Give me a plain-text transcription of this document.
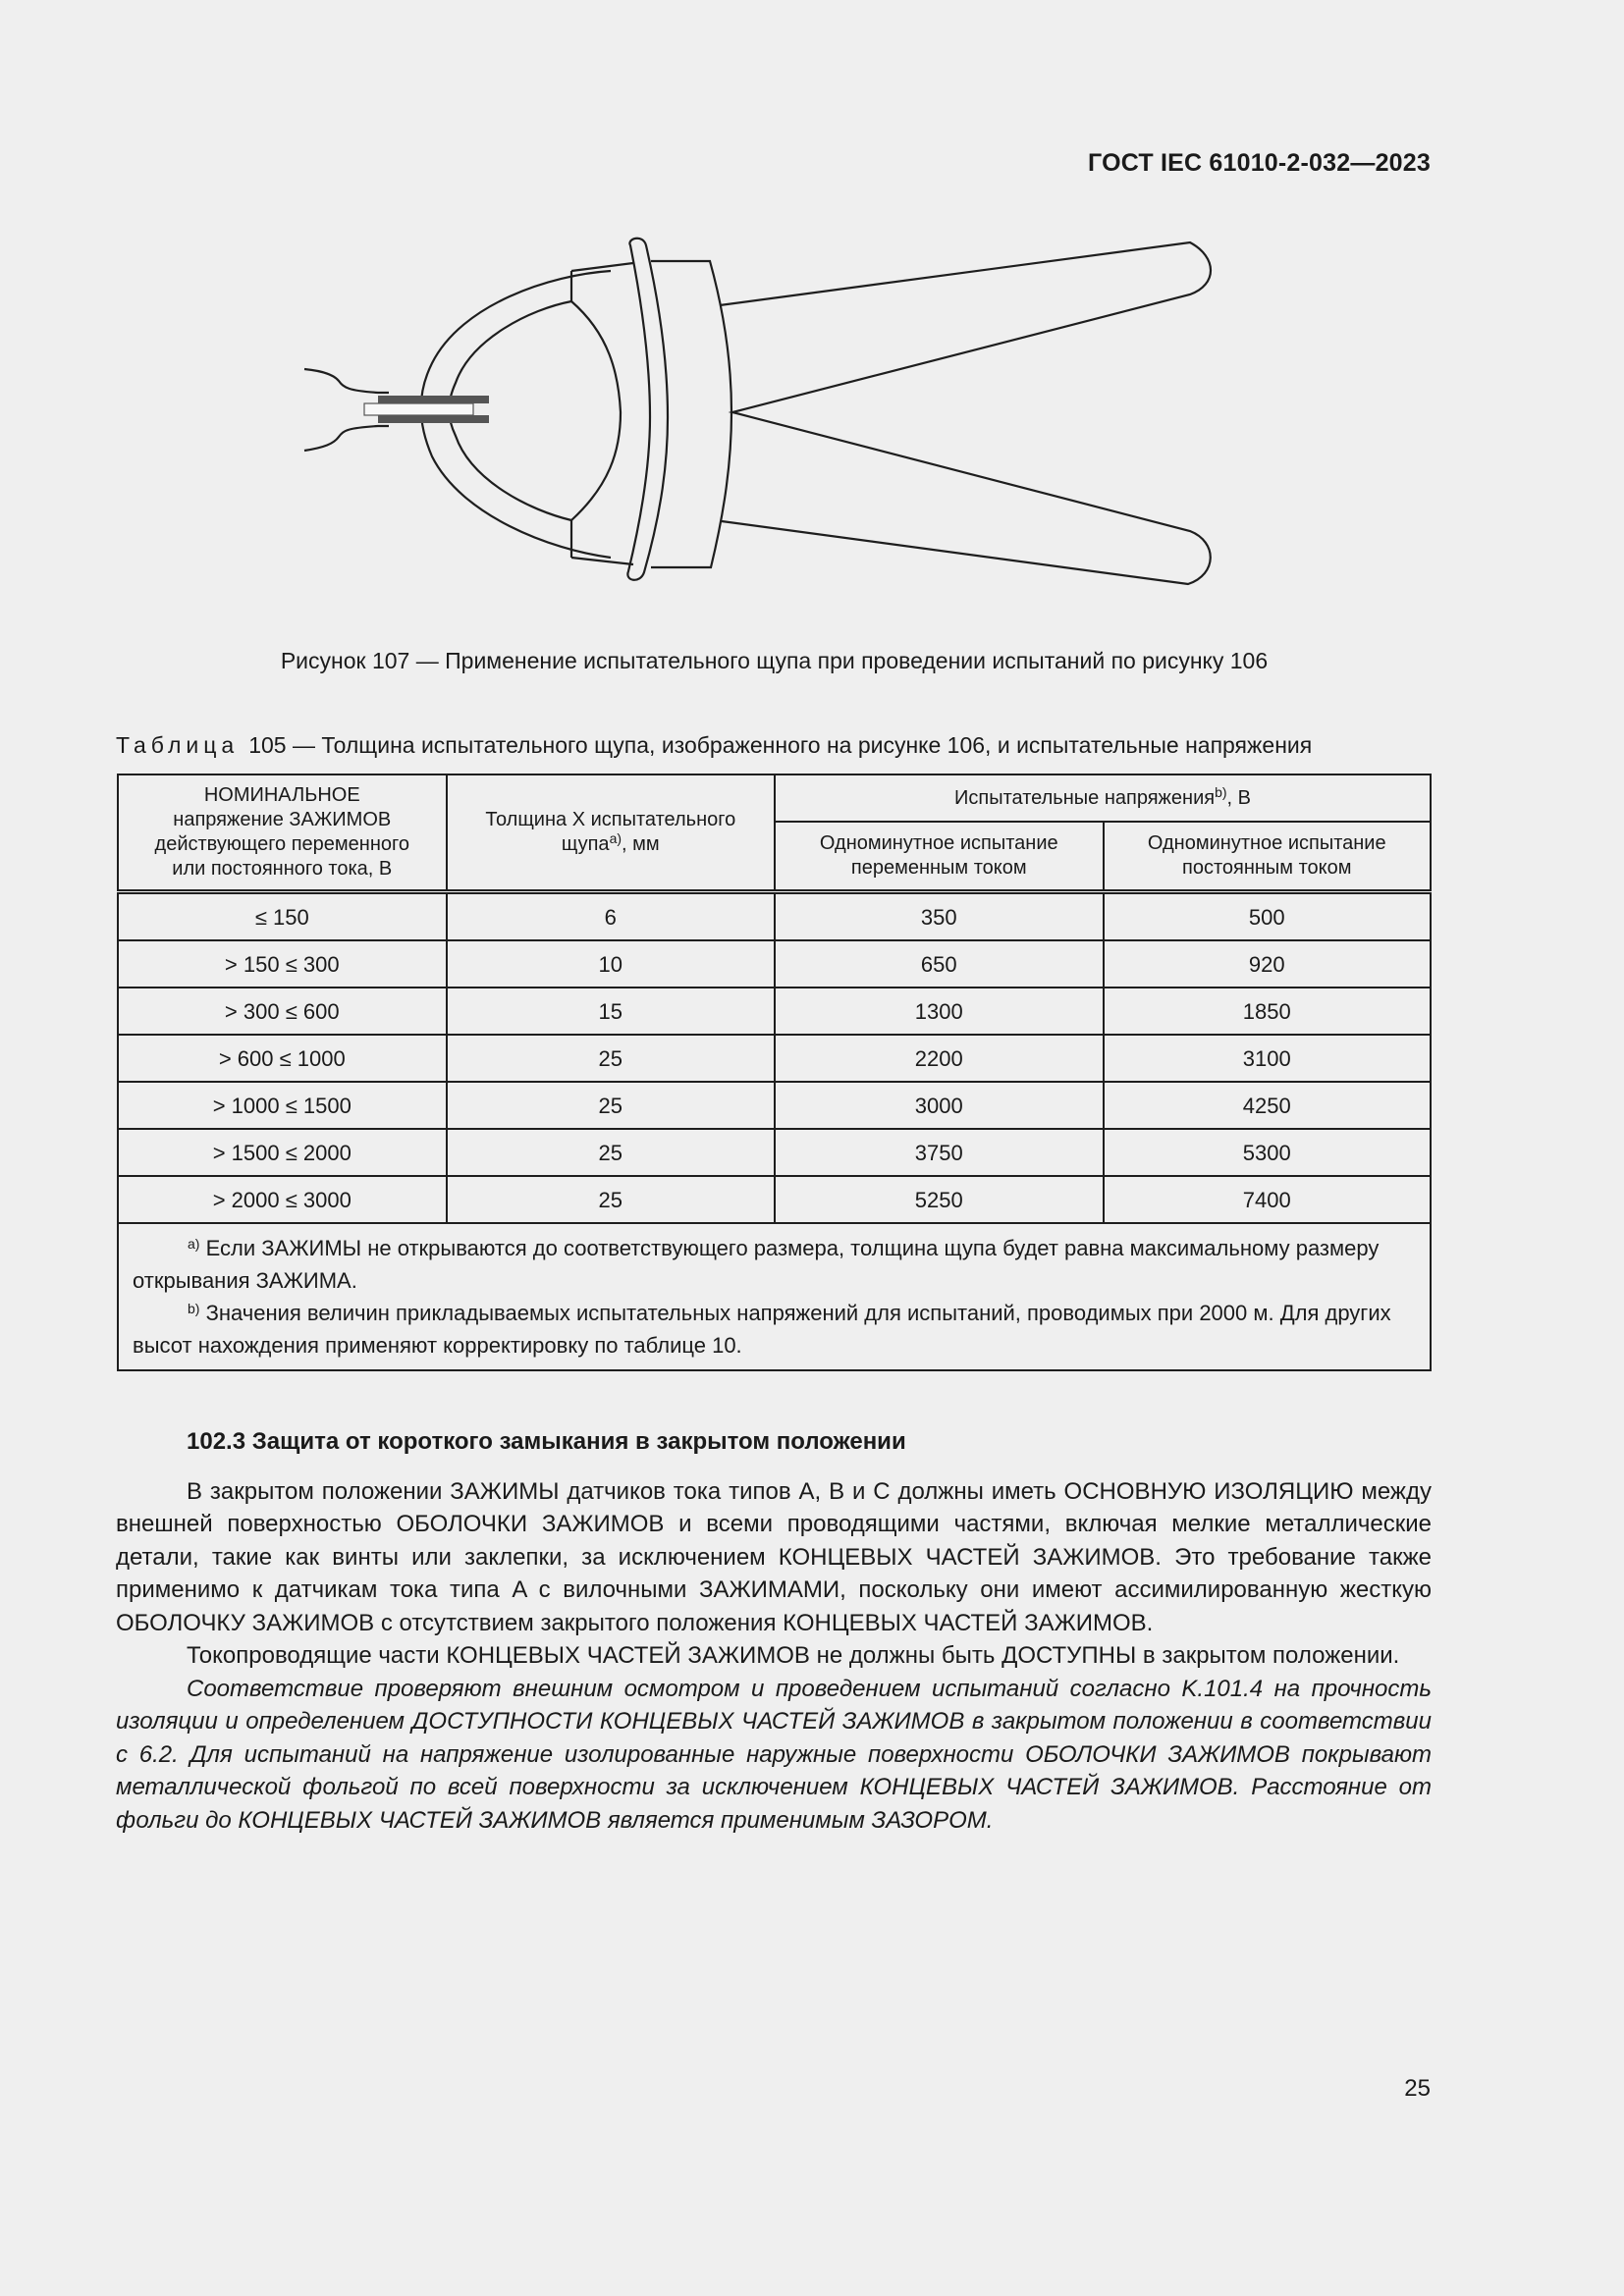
ГОСТ IEC 61010-2-032—2023
Рисунок 107 — Применение испытательного щупа при проведении испытаний по рисунку 106
Таблица 105 — Толщина испытательного щупа, изображенного на рисунке 106, и испытательные напряжения
НОМИНАЛЬНОЕ
напряжение ЗАЖИМОВ
действующего переменного
или постоянного тока, В	Толщина X испытательного щупа$^{a)}$, мм	Испытательные напряжения$^{b)}$, В	
		Одноминутное испытание переменным током	Одноминутное испытание постоянным током
≤ 150	6	350	500
> 150 ≤ 300	10	650	920
> 300 ≤ 600	15	1300	1850
> 600 ≤ 1000	25	2200	3100
> 1000 ≤ 1500	25	3000	4250
> 1500 ≤ 2000	25	3750	5300
> 2000 ≤ 3000	25	5250	7400

$^{a)}$ Если ЗАЖИМЫ не открываются до соответствующего размера, толщина щупа будет равна максимальному размеру открывания ЗАЖИМА.
$^{b)}$ Значения величин прикладываемых испытательных напряжений для испытаний, проводимых при 2000 м. Для других высот нахождения применяют корректировку по таблице 10.			
102.3 Защита от короткого замыкания в закрытом положении

В закрытом положении ЗАЖИМЫ датчиков тока типов A, B и C должны иметь ОСНОВНУЮ ИЗОЛЯЦИЮ между внешней поверхностью ОБОЛОЧКИ ЗАЖИМОВ и всеми проводящими частями, включая мелкие металлические детали, такие как винты или заклепки, за исключением КОНЦЕВЫХ ЧАСТЕЙ ЗАЖИМОВ. Это требование также применимо к датчикам тока типа A с вилочными ЗАЖИМАМИ, поскольку они имеют ассимилированную жесткую ОБОЛОЧКУ ЗАЖИМОВ с отсутствием закрытого положения КОНЦЕВЫХ ЧАСТЕЙ ЗАЖИМОВ.

Токопроводящие части КОНЦЕВЫХ ЧАСТЕЙ ЗАЖИМОВ не должны быть ДОСТУПНЫ в закрытом положении.

Соответствие проверяют внешним осмотром и проведением испытаний согласно K.101.4 на прочность изоляции и определением ДОСТУПНОСТИ КОНЦЕВЫХ ЧАСТЕЙ ЗАЖИМОВ в закрытом положении в соответствии с 6.2. Для испытаний на напряжение изолированные наружные поверхности ОБОЛОЧКИ ЗАЖИМОВ покрывают металлической фольгой по всей поверхности за исключением КОНЦЕВЫХ ЧАСТЕЙ ЗАЖИМОВ. Расстояние от фольги до КОНЦЕВЫХ ЧАСТЕЙ ЗАЖИМОВ является применимым ЗАЗОРОМ.

25
